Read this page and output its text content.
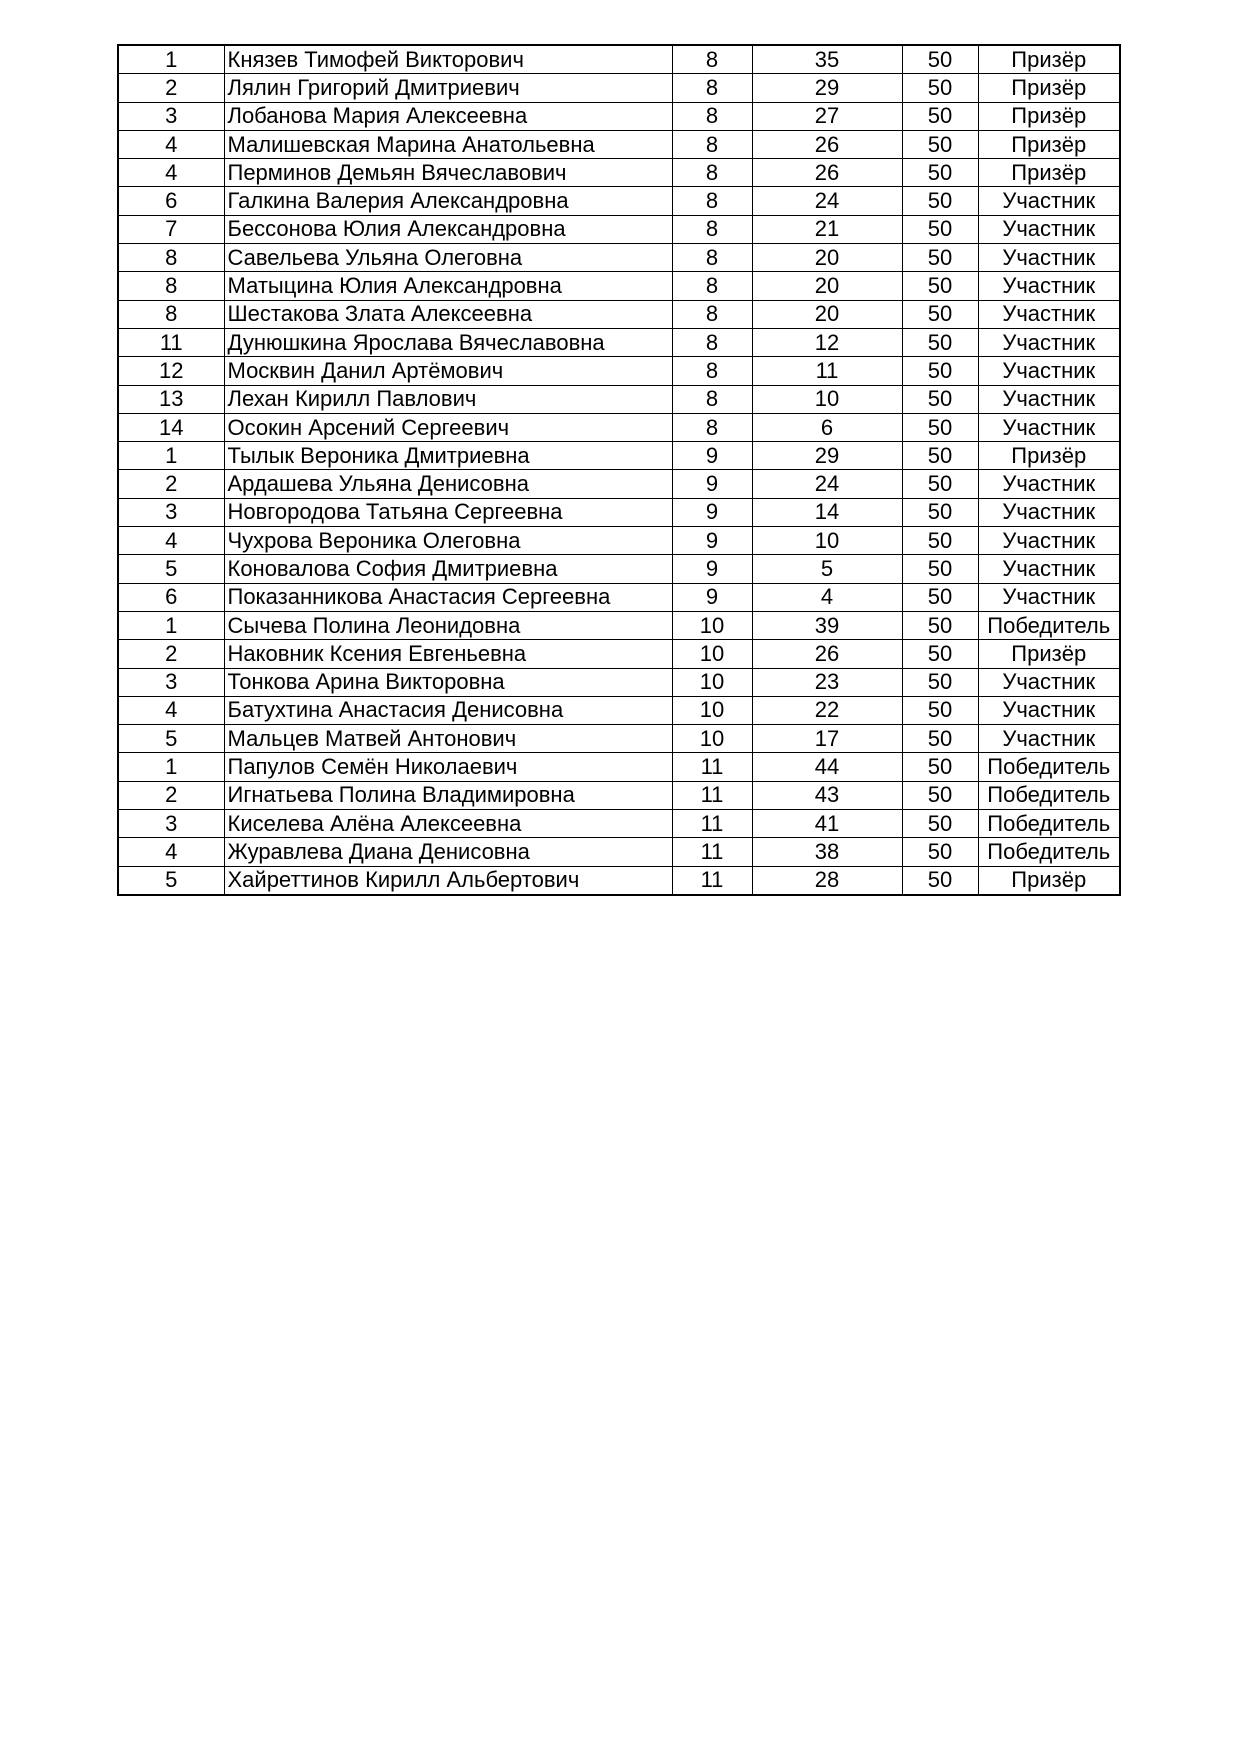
1	Князев Тимофей Викторович	8	35	50	Призёр
2	Лялин Григорий Дмитриевич	8	29	50	Призёр
3	Лобанова Мария Алексеевна	8	27	50	Призёр
4	Малишевская Марина Анатольевна	8	26	50	Призёр
4	Перминов Демьян Вячеславович	8	26	50	Призёр
6	Галкина Валерия Александровна	8	24	50	Участник
7	Бессонова Юлия Александровна	8	21	50	Участник
8	Савельева Ульяна Олеговна	8	20	50	Участник
8	Матыцина Юлия Александровна	8	20	50	Участник
8	Шестакова Злата Алексеевна	8	20	50	Участник
11	Дунюшкина Ярослава Вячеславовна	8	12	50	Участник
12	Москвин Данил Артёмович	8	11	50	Участник
13	Лехан Кирилл Павлович	8	10	50	Участник
14	Осокин Арсений Сергеевич	8	6	50	Участник
1	Тылык Вероника Дмитриевна	9	29	50	Призёр
2	Ардашева Ульяна Денисовна	9	24	50	Участник
3	Новгородова Татьяна Сергеевна	9	14	50	Участник
4	Чухрова Вероника Олеговна	9	10	50	Участник
5	Коновалова София Дмитриевна	9	5	50	Участник
6	Показанникова Анастасия Сергеевна	9	4	50	Участник
1	Сычева Полина Леонидовна	10	39	50	Победитель
2	Наковник Ксения Евгеньевна	10	26	50	Призёр
3	Тонкова Арина Викторовна	10	23	50	Участник
4	Батухтина Анастасия Денисовна	10	22	50	Участник
5	Мальцев Матвей Антонович	10	17	50	Участник
1	Папулов Семён Николаевич	11	44	50	Победитель
2	Игнатьева Полина Владимировна	11	43	50	Победитель
3	Киселева Алёна Алексеевна	11	41	50	Победитель
4	Журавлева Диана Денисовна	11	38	50	Победитель
5	Хайреттинов Кирилл Альбертович	11	28	50	Призёр
